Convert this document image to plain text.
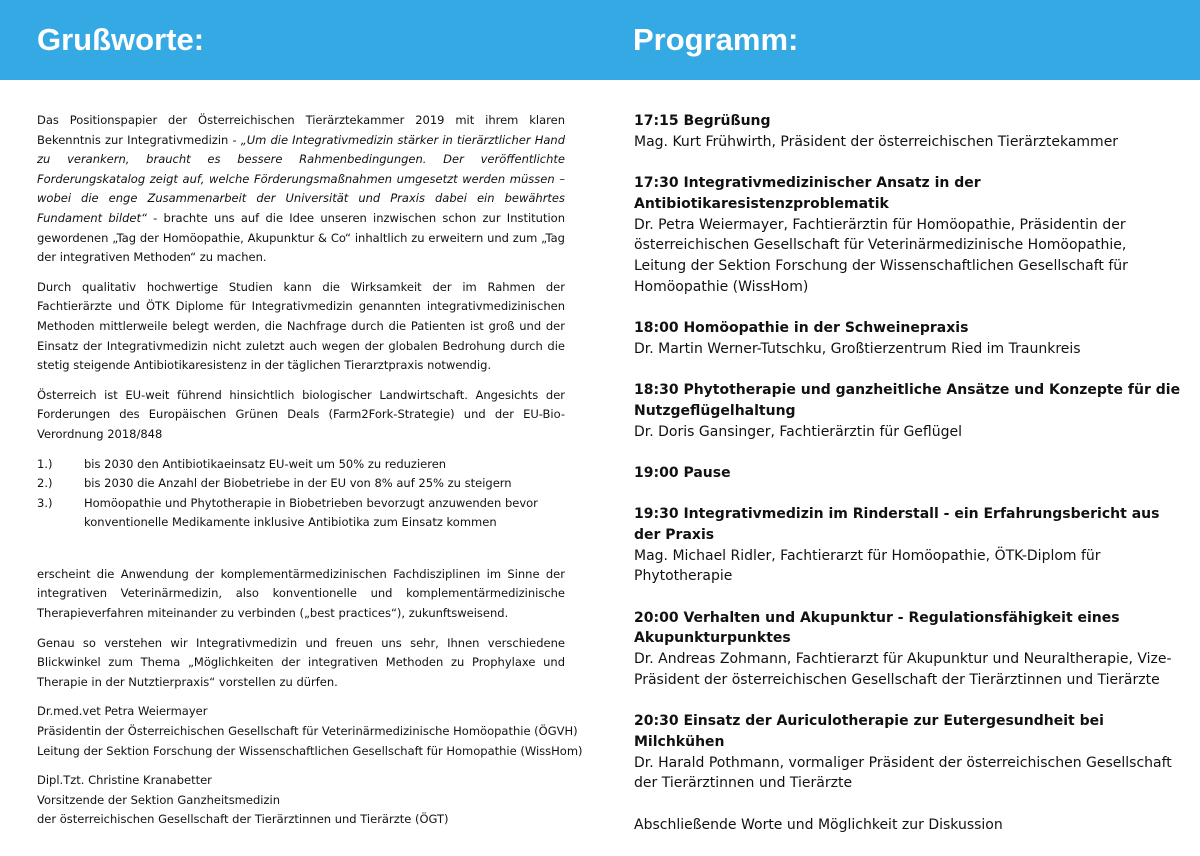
Grußworte:	Programm:

Das Positionspapier der Österreichischen Tierärztekammer 2019 mit ihrem klaren Bekenntnis zur Integrativmedizin - „Um die Integrativmedizin stärker in tierärztlicher Hand zu verankern, braucht es bessere Rahmenbedingungen. Der veröffentlichte Forderungskatalog zeigt auf, welche Förderungsmaßnahmen umgesetzt werden müssen – wobei die enge Zusammenarbeit der Universität und Praxis dabei ein bewährtes Fundament bildet“ - brachte uns auf die Idee unseren inzwischen schon zur Institution gewordenen „Tag der Homöopathie, Akupunktur & Co“ inhaltlich zu erweitern und zum „Tag der integrativen Methoden“ zu machen.

Durch qualitativ hochwertige Studien kann die Wirksamkeit der im Rahmen der Fachtierärzte und ÖTK Diplome für Integrativmedizin genannten integrativmedizinischen Methoden mittlerweile belegt werden, die Nachfrage durch die Patienten ist groß und der Einsatz der Integrativmedizin nicht zuletzt auch wegen der globalen Bedrohung durch die stetig steigende Antibiotikaresistenz in der täglichen Tierarztpraxis notwendig.

Österreich ist EU-weit führend hinsichtlich biologischer Landwirtschaft. Angesichts der Forderungen des Europäischen Grünen Deals (Farm2Fork-Strategie) und der EU-Bio-Verordnung 2018/848

1.)	bis 2030 den Antibiotikaeinsatz EU-weit um 50% zu reduzieren
2.)	bis 2030 die Anzahl der Biobetriebe in der EU von 8% auf 25% zu steigern
3.)	Homöopathie und Phytotherapie in Biobetrieben bevorzugt anzuwenden bevor konventionelle Medikamente inklusive Antibiotika zum Einsatz kommen

erscheint die Anwendung der komplementärmedizinischen Fachdisziplinen im Sinne der integrativen Veterinärmedizin, also konventionelle und komplementärmedizinische Therapieverfahren miteinander zu verbinden („best practices“), zukunftsweisend.

Genau so verstehen wir Integrativmedizin und freuen uns sehr, Ihnen verschiedene Blickwinkel zum Thema „Möglichkeiten der integrativen Methoden zu Prophylaxe und Therapie in der Nutztierpraxis“ vorstellen zu dürfen.

Dr.med.vet Petra Weiermayer
Präsidentin der Österreichischen Gesellschaft für Veterinärmedizinische Homöopathie (ÖGVH)
Leitung der Sektion Forschung der Wissenschaftlichen Gesellschaft für Homopathie (WissHom)
Dipl.Tzt. Christine Kranabetter
Vorsitzende der Sektion Ganzheitsmedizin
der österreichischen Gesellschaft der Tierärztinnen und Tierärzte (ÖGT)
17:15 Begrüßung
Mag. Kurt Frühwirth, Präsident der österreichischen Tierärztekammer
17:30 Integrativmedizinischer Ansatz in der Antibiotikaresistenzproblematik
Dr. Petra Weiermayer, Fachtierärztin für Homöopathie, Präsidentin der österreichischen Gesellschaft für Veterinärmedizinische Homöopathie, Leitung der Sektion Forschung der Wissenschaftlichen Gesellschaft für Homöopathie (WissHom)
18:00 Homöopathie in der Schweinepraxis
Dr. Martin Werner-Tutschku, Großtierzentrum Ried im Traunkreis
18:30 Phytotherapie und ganzheitliche Ansätze und Konzepte für die Nutzgeflügelhaltung
Dr. Doris Gansinger, Fachtierärztin für Geflügel
19:00 Pause
19:30 Integrativmedizin im Rinderstall - ein Erfahrungsbericht aus der Praxis
Mag. Michael Ridler, Fachtierarzt für Homöopathie, ÖTK-Diplom für Phytotherapie
20:00 Verhalten und Akupunktur - Regulationsfähigkeit eines Akupunkturpunktes
Dr. Andreas Zohmann, Fachtierarzt für Akupunktur und Neuraltherapie, Vize-Präsident der österreichischen Gesellschaft der Tierärztinnen und Tierärzte
20:30 Einsatz der Auriculotherapie zur Eutergesundheit bei Milchkühen
Dr. Harald Pothmann, vormaliger Präsident der österreichischen Gesellschaft der Tierärztinnen und Tierärzte
Abschließende Worte und Möglichkeit zur Diskussion
